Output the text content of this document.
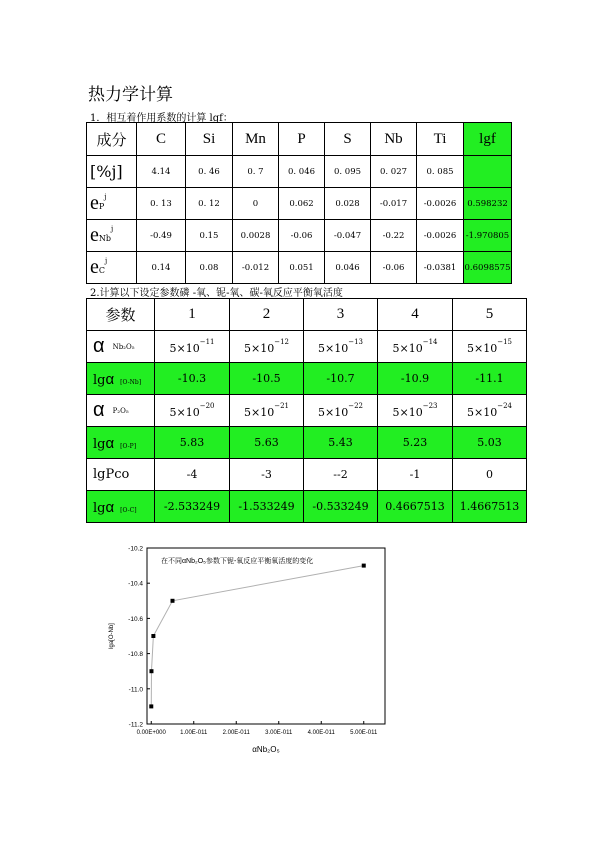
热力学计算
1．相互着作用系数的计算 lgf：
成分	C	Si	Mn	P	S	Nb	Ti	lgf
[%j]	4.14	0. 46	0. 7	0. 046	0. 095	0. 027	0. 085	
$eP^j$	0. 13	0. 12	0	0.062	0.028	-0.017	-0.0026	0.598232
eNb$^j$	-0.49	0.15	0.0028	-0.06	-0.047	-0.22	-0.0026	-1.970805
$eC^j$	0.14	0.08	-0.012	0.051	0.046	-0.06	-0.0381	0.6098575
2.计算以下设定参数磷 -氧、铌-氧、碳-氧反应平衡氧活度
参数	1	2	3	4	5
α Nb₂O₅	$5\times 10^{-11}$	$5\times 10^{-12}$	$5\times 10^{-13}$	$5\times 10^{-14}$	$5\times 10^{-15}$
lgα [O-Nb]	-10.3	-10.5	-10.7	-10.9	-11.1
α P₂O₅	$5\times 10^{-20}$	$5\times 10^{-21}$	$5\times 10^{-22}$	$5\times 10^{-23}$	$5\times 10^{-24}$
lgα [O-P]	5.83	5.63	5.43	5.23	5.03
lgPco	-4	-3	--2	-1	0
lgα [O-C]	-2.533249	-1.533249	-0.533249	0.4667513	1.4667513
-10.2
-10.4
-10.6
-10.8
-11.0
-11.2
0.00E+000 1.00E-011	2.00E-011	3.00E-011	4.00E-011	5.00E-011
在不同αNb₂O₅参数下铌-氧反应平衡氧活度的变化
lga[O-Nb]
αNb₂O₅
